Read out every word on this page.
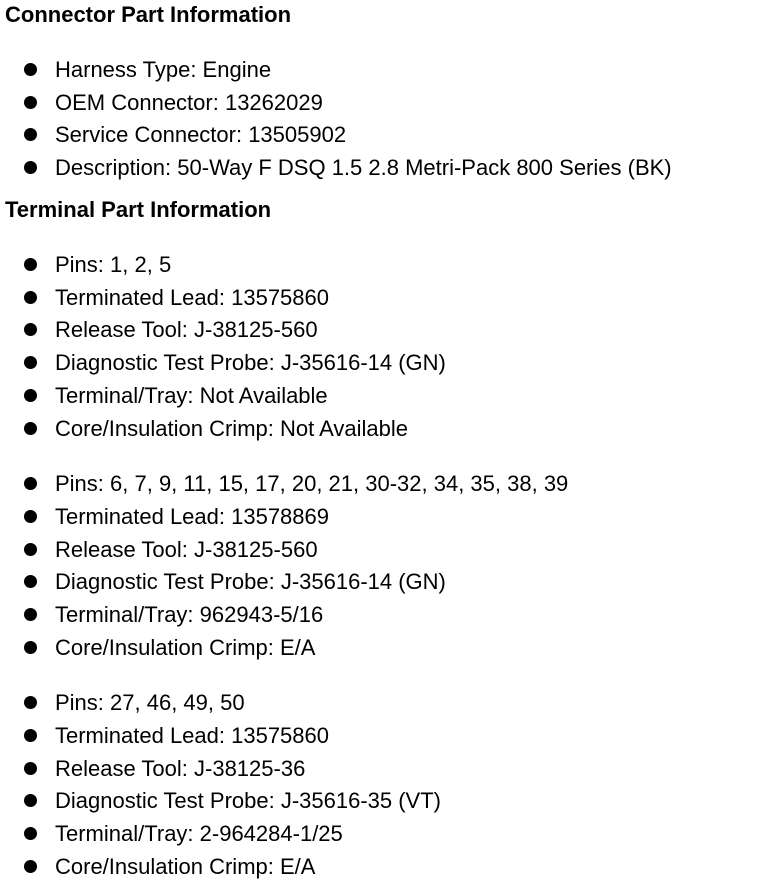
Connector Part Information
Harness Type: Engine
OEM Connector: 13262029
Service Connector: 13505902
Description: 50-Way F DSQ 1.5 2.8 Metri-Pack 800 Series (BK)
Terminal Part Information
Pins: 1, 2, 5
Terminated Lead: 13575860
Release Tool: J-38125-560
Diagnostic Test Probe: J-35616-14 (GN)
Terminal/Tray: Not Available
Core/Insulation Crimp: Not Available
Pins: 6, 7, 9, 11, 15, 17, 20, 21, 30-32, 34, 35, 38, 39
Terminated Lead: 13578869
Release Tool: J-38125-560
Diagnostic Test Probe: J-35616-14 (GN)
Terminal/Tray: 962943-5/16
Core/Insulation Crimp: E/A
Pins: 27, 46, 49, 50
Terminated Lead: 13575860
Release Tool: J-38125-36
Diagnostic Test Probe: J-35616-35 (VT)
Terminal/Tray: 2-964284-1/25
Core/Insulation Crimp: E/A
